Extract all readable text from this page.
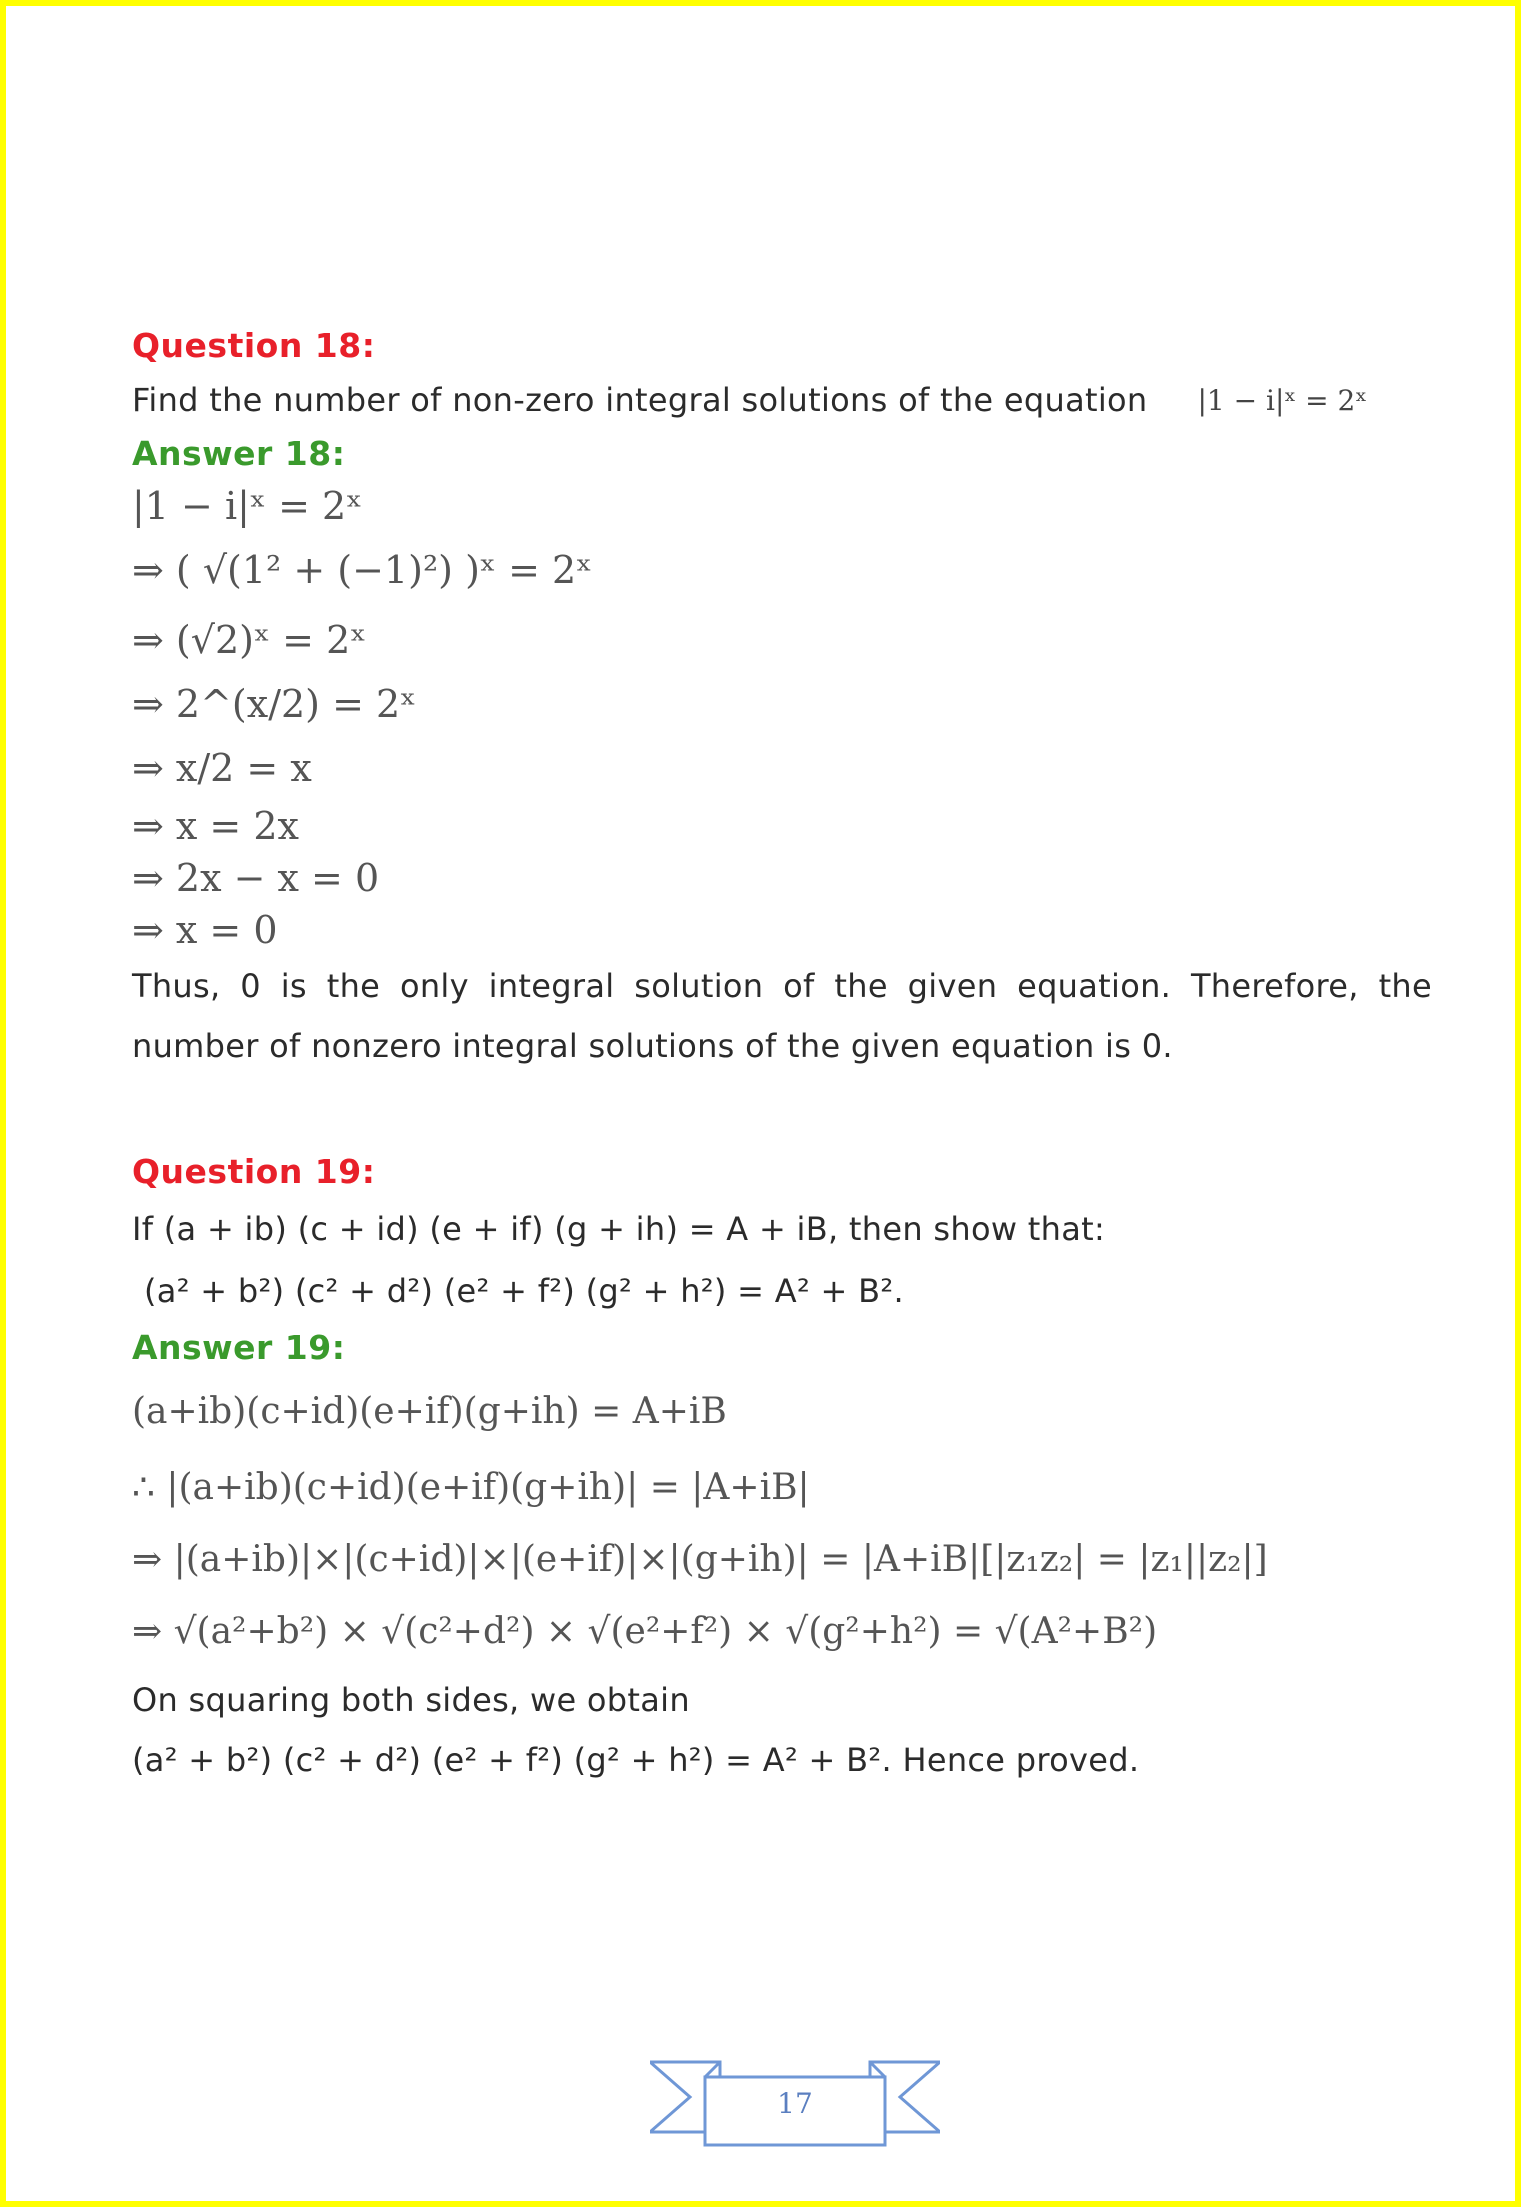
Question 18:

Find the number of non-zero integral solutions of the equation |1 − i|ˣ = 2ˣ

Answer 18:

|1 − i|ˣ = 2ˣ
⇒ ( √(1² + (−1)²) )ˣ = 2ˣ
⇒ (√2)ˣ = 2ˣ
⇒ 2^(x/2) = 2ˣ
⇒ x/2 = x
⇒ x = 2x
⇒ 2x − x = 0
⇒ x = 0

Thus, 0 is the only integral solution of the given equation. Therefore, the number of nonzero integral solutions of the given equation is 0.

Question 19:

If (a + ib) (c + id) (e + if) (g + ih) = A + iB, then show that:

(a² + b²) (c² + d²) (e² + f²) (g² + h²) = A² + B².

Answer 19:

(a+ib)(c+id)(e+if)(g+ih) = A+iB
∴ |(a+ib)(c+id)(e+if)(g+ih)| = |A+iB|
⇒ |(a+ib)|×|(c+id)|×|(e+if)|×|(g+ih)| = |A+iB| [|z₁z₂| = |z₁||z₂|]
⇒ √(a²+b²) × √(c²+d²) × √(e²+f²) × √(g²+h²) = √(A²+B²)

On squaring both sides, we obtain

(a² + b²) (c² + d²) (e² + f²) (g² + h²) = A² + B². Hence proved.

17
